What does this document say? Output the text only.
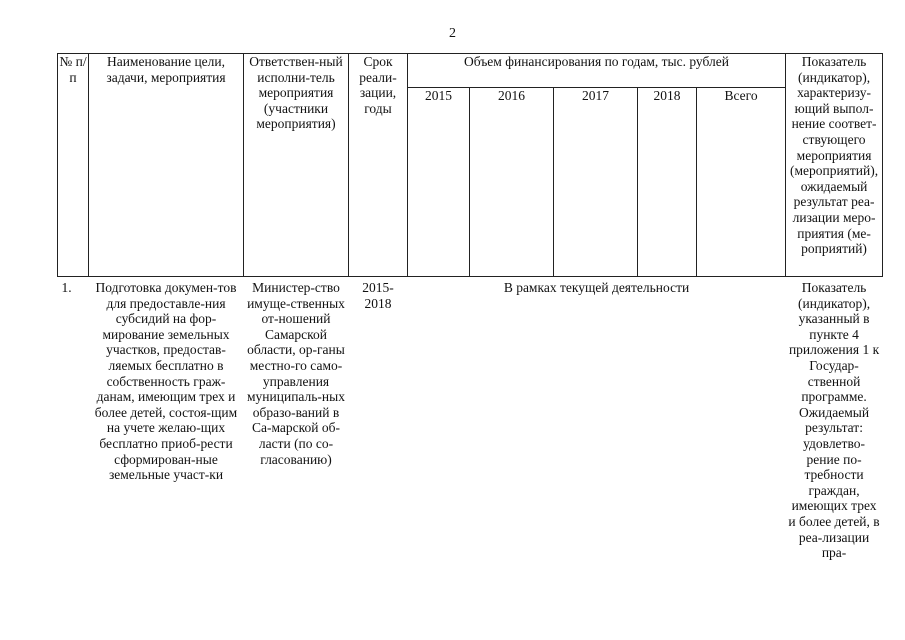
2
№ п/п	Наименование цели, задачи, мероприятия	Ответствен-ный исполни-тель мероприятия (участники мероприятия)	Срок реали-зации, годы	Объем финансирования по годам, тыс. рублей					Показатель (индикатор), характеризу-ющий выпол-нение соответ-ствующего мероприятия (мероприятий), ожидаемый результат реа-лизации меро-приятия (ме-роприятий)
				2015	2016	2017	2018	Всего	
1.	Подготовка докумен-тов для предоставле-ния субсидий на фор-мирование земельных участков, предостав-ляемых бесплатно в собственность граж-данам, имеющим трех и более детей, состоя-щим на учете желаю-щих бесплатно приоб-рести сформирован-ные земельные участ-ки	Министер-ство имуще-ственных от-ношений Самарской области, ор-ганы местно-го само-управления муниципаль-ных образо-ваний в Са-марской об-ласти (по со-гласованию)	2015-2018	В рамках текущей деятельности					Показатель (индикатор), указанный в пункте 4 приложения 1 к Государ-ственной программе. Ожидаемый результат: удовлетво-рение по-требности граждан, имеющих трех и более детей, в реа-лизации пра-
